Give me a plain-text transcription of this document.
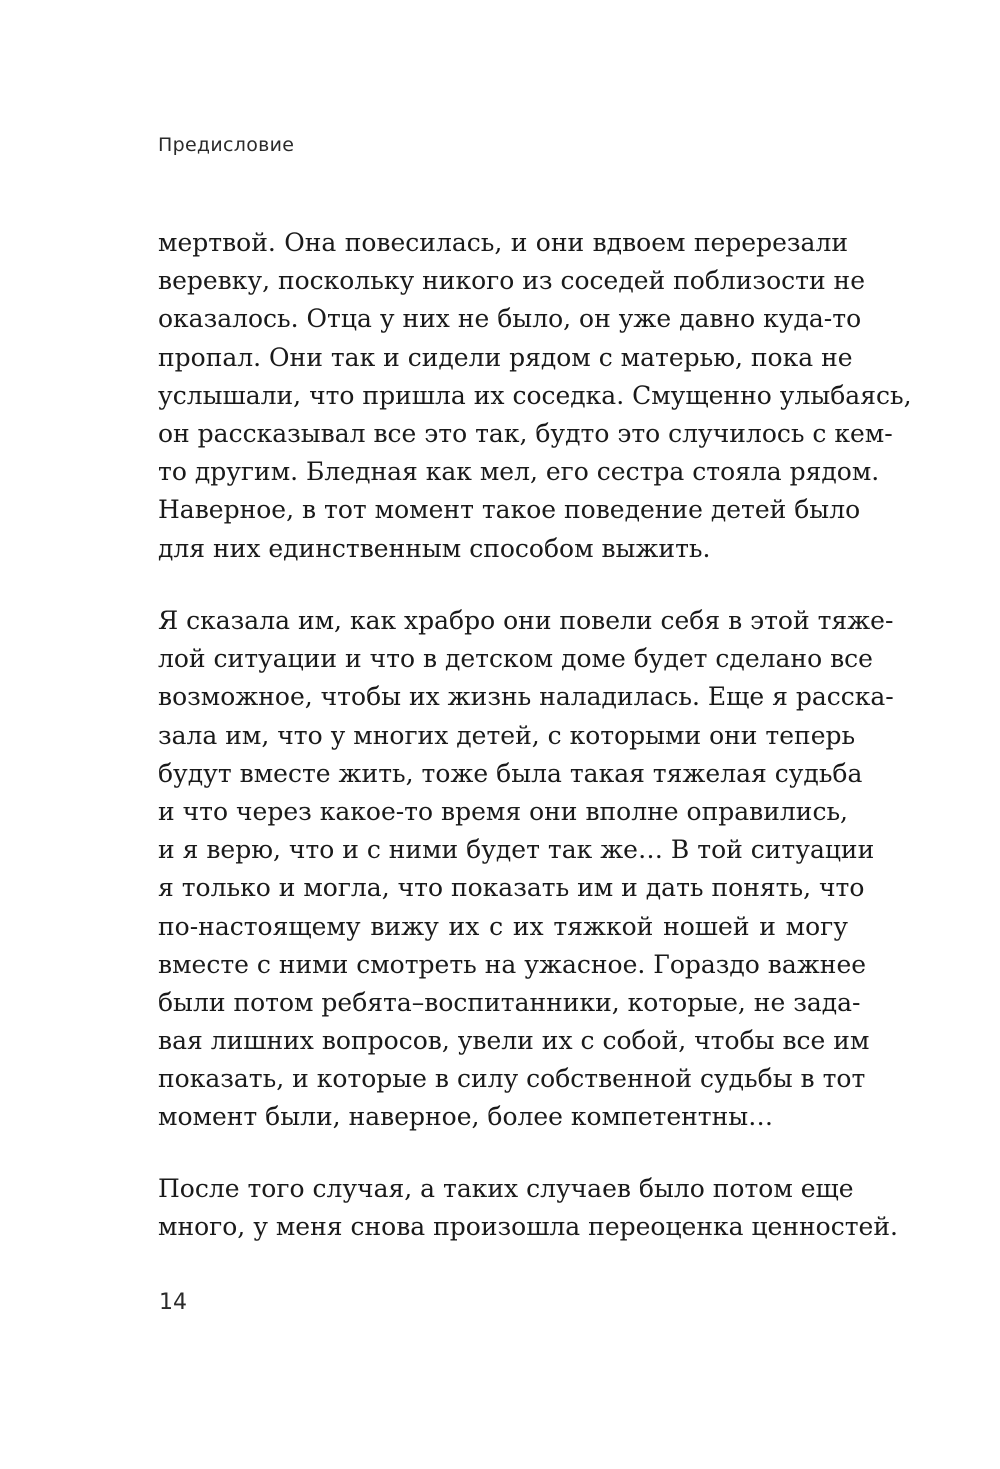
Предисловие
мертвой. Она повесилась, и они вдвоем перерезали
веревку, поскольку никого из соседей поблизости не
оказалось. Отца у них не было, он уже давно куда-то
пропал. Они так и сидели рядом с матерью, пока не
услышали, что пришла их соседка. Смущенно улыбаясь,
он рассказывал все это так, будто это случилось с кем-
то другим. Бледная как мел, его сестра стояла рядом.
Наверное, в тот момент такое поведение детей было
для них единственным способом выжить.
Я сказала им, как храбро они повели себя в этой тяже-
лой ситуации и что в детском доме будет сделано все
возможное, чтобы их жизнь наладилась. Еще я расска-
зала им, что у многих детей, с которыми они теперь
будут вместе жить, тоже была такая тяжелая судьба
и что через какое-то время они вполне оправились,
и я верю, что и с ними будет так же… В той ситуации
я только и могла, что показать им и дать понять, что
по-настоящему вижу их с их тяжкой ношей и могу
вместе с ними смотреть на ужасное. Гораздо важнее
были потом ребята–воспитанники, которые, не зада-
вая лишних вопросов, увели их с собой, чтобы все им
показать, и которые в силу собственной судьбы в тот
момент были, наверное, более компетентны…
После того случая, а таких случаев было потом еще
много, у меня снова произошла переоценка ценностей.
14
